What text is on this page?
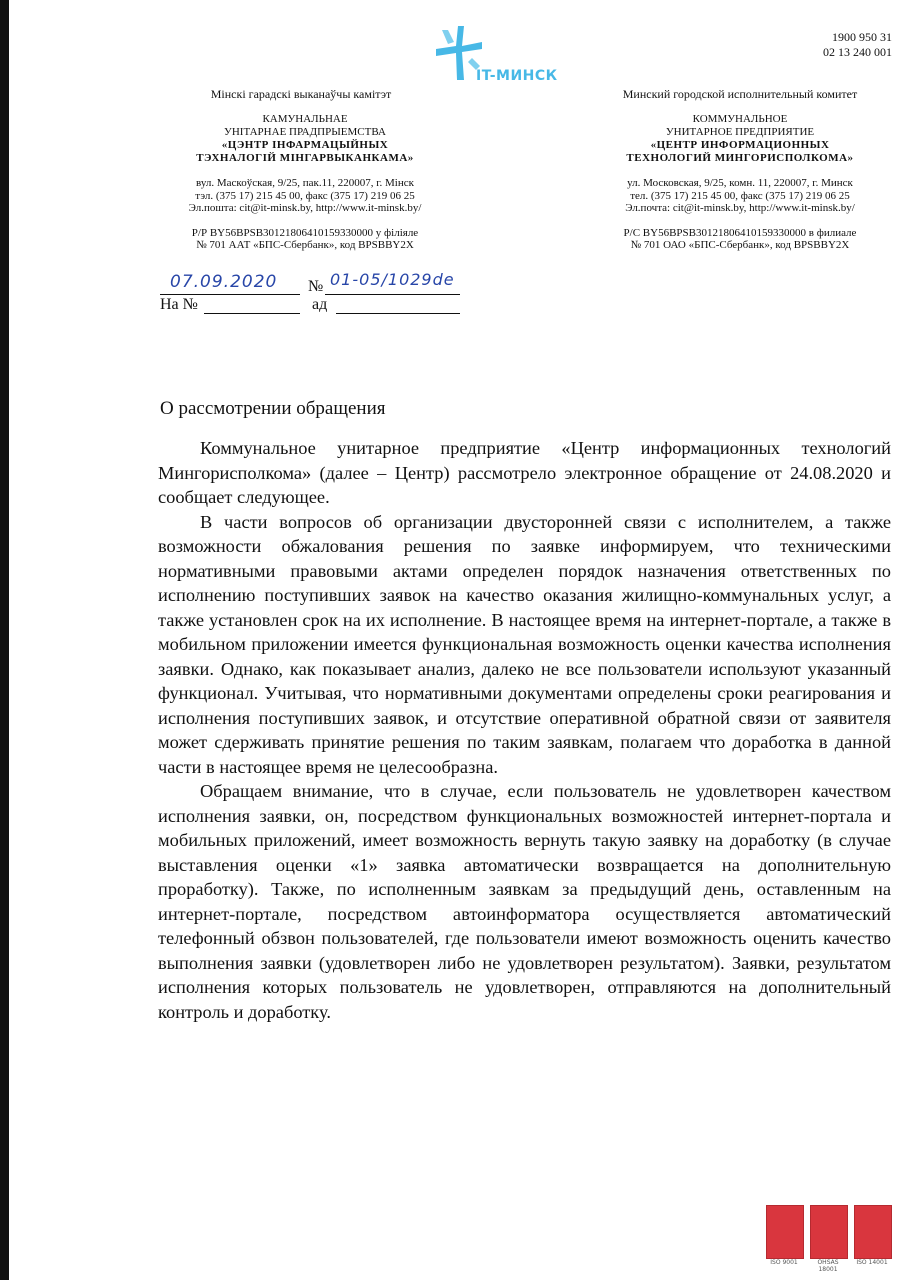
1900 950 31
02 13 240 001
IT-МИНСК
Мінскі гарадскі выканаўчы камітэт
КАМУНАЛЬНАЕ
УНІТАРНАЕ ПРАДПРЫЕМСТВА
«ЦЭНТР ІНФАРМАЦЫЙНЫХ
ТЭХНАЛОГІЙ МІНГАРВЫКАНКАМА»
вул. Маскоўская, 9/25, пак.11, 220007, г. Мінск
тэл. (375 17) 215 45 00, факс (375 17) 219 06 25
Эл.пошта: cit@it-minsk.by, http://www.it-minsk.by/
Р/Р BY56BPSB30121806410159330000 у філіяле
№ 701 ААТ «БПС-Сбербанк», код BPSBBY2X
Минский городской исполнительный комитет
КОММУНАЛЬНОЕ
УНИТАРНОЕ ПРЕДПРИЯТИЕ
«ЦЕНТР ИНФОРМАЦИОННЫХ
ТЕХНОЛОГИЙ МИНГОРИСПОЛКОМА»
ул. Московская, 9/25, комн. 11, 220007, г. Минск
тел. (375 17) 215 45 00, факс (375 17) 219 06 25
Эл.почта: cit@it-minsk.by, http://www.it-minsk.by/
Р/С BY56BPSB30121806410159330000 в филиале
№ 701 ОАО «БПС-Сбербанк», код BPSBBY2X
07.09.2020 № 01-05/1029de
На №	ад
О рассмотрении обращения

Коммунальное унитарное предприятие «Центр информационных технологий Мингорисполкома» (далее – Центр) рассмотрело электронное обращение от 24.08.2020 и сообщает следующее.

В части вопросов об организации двусторонней связи с исполнителем, а также возможности обжалования решения по заявке информируем, что техническими нормативными правовыми актами определен порядок назначения ответственных по исполнению поступивших заявок на качество оказания жилищно-коммунальных услуг, а также установлен срок на их исполнение. В настоящее время на интернет-портале, а также в мобильном приложении имеется функциональная возможность оценки качества исполнения заявки. Однако, как показывает анализ, далеко не все пользователи используют указанный функционал. Учитывая, что нормативными документами определены сроки реагирования и исполнения поступивших заявок, и отсутствие оперативной обратной связи от заявителя может сдерживать принятие решения по таким заявкам, полагаем что доработка в данной части в настоящее время не целесообразна.

Обращаем внимание, что в случае, если пользователь не удовлетворен качеством исполнения заявки, он, посредством функциональных возможностей интернет-портала и мобильных приложений, имеет возможность вернуть такую заявку на доработку (в случае выставления оценки «1» заявка автоматически возвращается на дополнительную проработку). Также, по исполненным заявкам за предыдущий день, оставленным на интернет-портале, посредством автоинформатора осуществляется автоматический телефонный обзвон пользователей, где пользователи имеют возможность оценить качество выполнения заявки (удовлетворен либо не удовлетворен результатом). Заявки, результатом исполнения которых пользователь не удовлетворен, отправляются на дополнительный контроль и доработку.

ISO 9001	OHSAS 18001
ISO 14001
